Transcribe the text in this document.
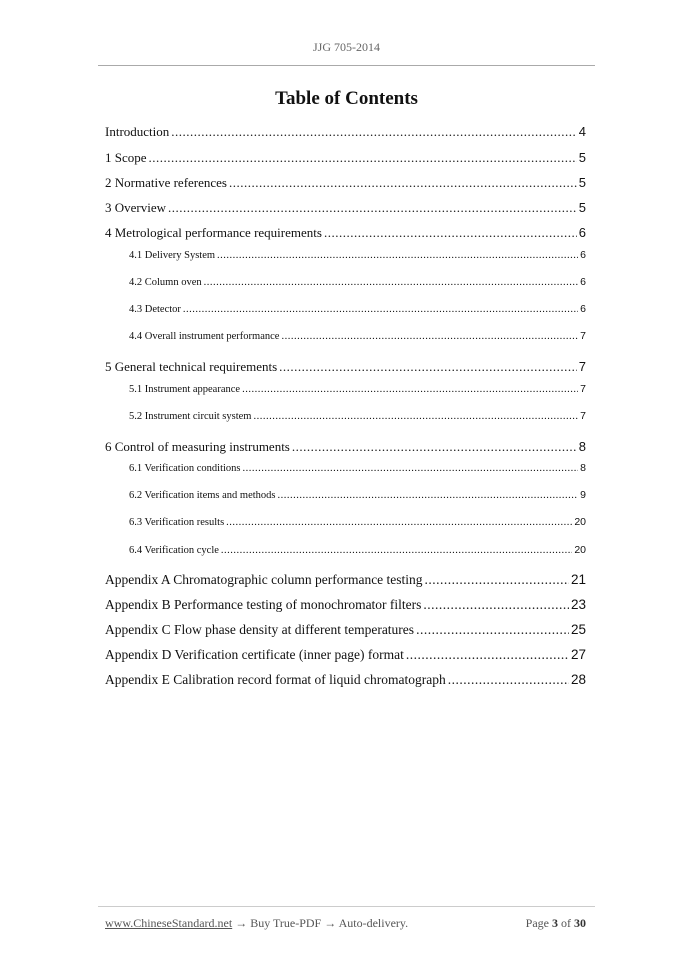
JJG 705-2014
Table of Contents
Introduction .....	4
1 Scope .....	5
2 Normative references .....	5
3 Overview .....	5
4 Metrological performance requirements .....	6
4.1 Delivery System .....	6
4.2 Column oven .....	6
4.3 Detector .....	6
4.4 Overall instrument performance .....	7
5 General technical requirements .....	7
5.1 Instrument appearance .....	7
5.2 Instrument circuit system .....	7
6 Control of measuring instruments .....	8
6.1 Verification conditions .....	8
6.2 Verification items and methods .....	9
6.3 Verification results .....	20
6.4 Verification cycle .....	20
Appendix A Chromatographic column performance testing .....	21
Appendix B Performance testing of monochromator filters .....	23
Appendix C Flow phase density at different temperatures .....	25
Appendix D Verification certificate (inner page) format .....	27
Appendix E Calibration record format of liquid chromatograph .....	28
www.ChineseStandard.net → Buy True-PDF → Auto-delivery.	Page 3 of 30
